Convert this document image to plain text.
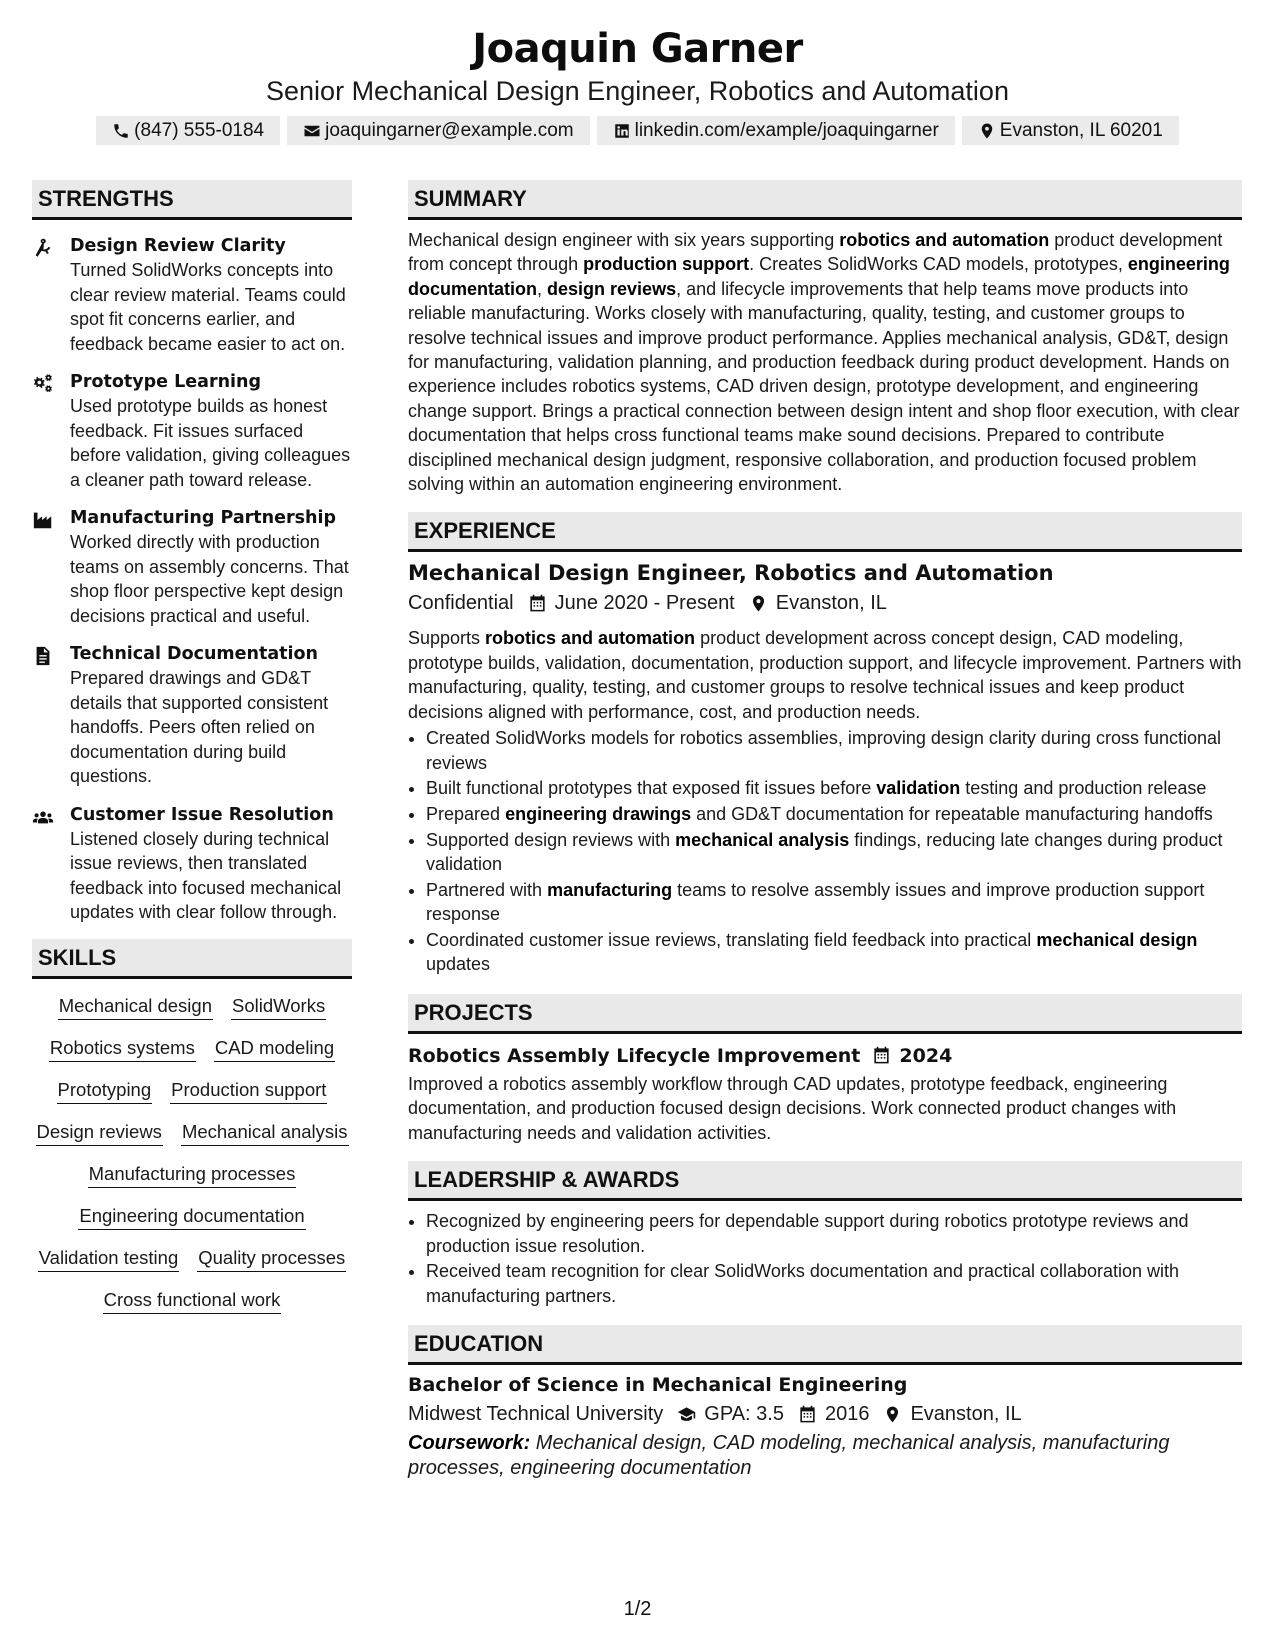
Joaquin Garner
Senior Mechanical Design Engineer, Robotics and Automation
(847) 555-0184	joaquingarner@example.com	linkedin.com/example/joaquingarner	Evanston, IL 60201
STRENGTHS
Design Review Clarity
Turned SolidWorks concepts into clear review material. Teams could spot fit concerns earlier, and feedback became easier to act on.
Prototype Learning
Used prototype builds as honest feedback. Fit issues surfaced before validation, giving colleagues a cleaner path toward release.
Manufacturing Partnership
Worked directly with production teams on assembly concerns. That shop floor perspective kept design decisions practical and useful.
Technical Documentation
Prepared drawings and GD&T details that supported consistent handoffs. Peers often relied on documentation during build questions.
Customer Issue Resolution
Listened closely during technical issue reviews, then translated feedback into focused mechanical updates with clear follow through.
SKILLS
Mechanical design SolidWorks
Robotics systems CAD modeling
Prototyping Production support
Design reviews Mechanical analysis
Manufacturing processes
Engineering documentation
Validation testing Quality processes
Cross functional work
SUMMARY

Mechanical design engineer with six years supporting robotics and automation product development from concept through production support. Creates SolidWorks CAD models, prototypes, engineering documentation, design reviews, and lifecycle improvements that help teams move products into reliable manufacturing. Works closely with manufacturing, quality, testing, and customer groups to resolve technical issues and improve product performance. Applies mechanical analysis, GD&T, design for manufacturing, validation planning, and production feedback during product development. Hands on experience includes robotics systems, CAD driven design, prototype development, and engineering change support. Brings a practical connection between design intent and shop floor execution, with clear documentation that helps cross functional teams make sound decisions. Prepared to contribute disciplined mechanical design judgment, responsive collaboration, and production focused problem solving within an automation engineering environment.

EXPERIENCE
Mechanical Design Engineer, Robotics and Automation
Confidential June 2020 - Present Evanston, IL

Supports robotics and automation product development across concept design, CAD modeling, prototype builds, validation, documentation, production support, and lifecycle improvement. Partners with manufacturing, quality, testing, and customer groups to resolve technical issues and keep product decisions aligned with performance, cost, and production needs.

• Created SolidWorks models for robotics assemblies, improving design clarity during cross functional reviews
• Built functional prototypes that exposed fit issues before validation testing and production release
• Prepared engineering drawings and GD&T documentation for repeatable manufacturing handoffs
• Supported design reviews with mechanical analysis findings, reducing late changes during product validation
• Partnered with manufacturing teams to resolve assembly issues and improve production support response
• Coordinated customer issue reviews, translating field feedback into practical mechanical design updates
PROJECTS
Robotics Assembly Lifecycle Improvement 2024

Improved a robotics assembly workflow through CAD updates, prototype feedback, engineering documentation, and production focused design decisions. Work connected product changes with manufacturing needs and validation activities.

LEADERSHIP & AWARDS
• Recognized by engineering peers for dependable support during robotics prototype reviews and production issue resolution.
• Received team recognition for clear SolidWorks documentation and practical collaboration with manufacturing partners.
EDUCATION
Bachelor of Science in Mechanical Engineering
Midwest Technical University GPA: 3.5 2016 Evanston, IL
Coursework: Mechanical design, CAD modeling, mechanical analysis, manufacturing processes, engineering documentation
1/2
